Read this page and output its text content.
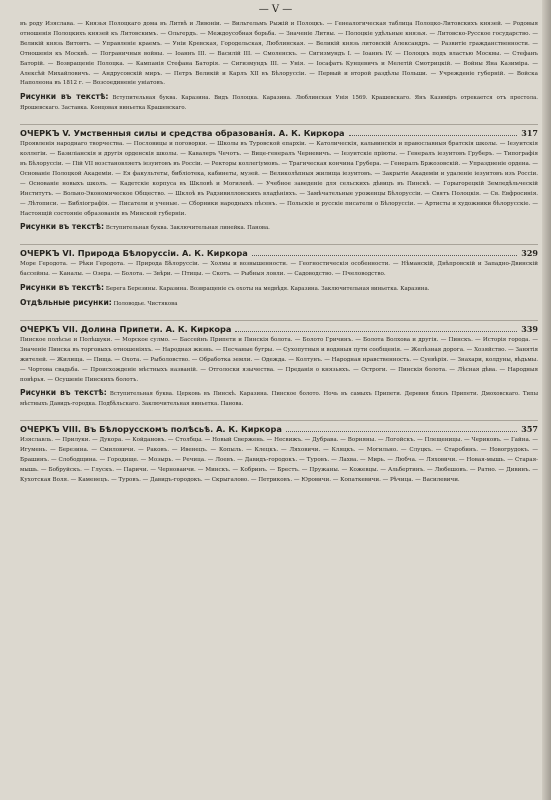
— V —

въ роду Изяслава. — Князья Полоцкаго дома въ Литвѣ и Ливоніи. — Вильгельмъ Рыжій и Полоцкъ. — Генеалогическая таблица Полоцко-Литовскихъ князей. — Родовыя отношенія Полоцкихъ князей къ Литовскимъ. — Ольгердъ. — Междоусобная борьба. — Значеніе Литвы. — Полоцкіе удѣльные князья. — Литовско-Русское государство. — Великій князь Витовтъ. — Управленіе краемъ. — Уніи Кревская, Городельская, Люблинская. — Великій князь литовскій Александръ. — Развитіе гражданственности. — Отношенія къ Москвѣ. — Пограничныя войны. — Іоаннъ III. — Василій III. — Смоленскъ. — Сигизмундъ I. — Іоаннъ IV. — Полоцкъ подъ властью Москвы. — Стефанъ Баторій. — Возвращеніе Полоцка. — Кампанія Стефана Баторія. — Сигизмундъ III. — Унія. — Іосафатъ Кунцевичъ и Мелетій Смотрицкій. — Войны Яна Казиміра. — Алексѣй Михайловичъ. — Андрусовскій миръ. — Петръ Великій и Карлъ XII въ Бѣлоруссіи. — Первый и второй раздѣлы Польши. — Учрежденіе губерній. — Войска Наполеона въ 1812 г. — Возсоединеніе уніатовъ.

Рисунки въ текстѣ: Вступительная буква. Каразина. Видъ Полоцка. Каразина. Люблинская Унія 1569. Крашевскаго. Янъ Казиміръ отрекается отъ престола. Ярошевскаго. Заставка. Концовая виньетка Крашевскаго.

ОЧЕРКЪ V. Умственныя силы и средства образованія. А. К. Киркора	317

Проявленія народнаго творчества. — Пословицы и поговорки. — Школы въ Туровской епархіи. — Католическія, кальвинскія и православныя братскія школы. — Іезуитскія коллегіи. — Базиліанскія и другія орденскія школы. — Кавалеръ Чечотъ. — Вице-генералъ Черневичъ. — Іезуитскіе пріюты. — Генералъ іезуитовъ Груберъ. — Типографія въ Бѣлоруссіи. — Пій VII возстановляетъ іезуитовъ въ Россіи. — Ректоры коллегіумовъ. — Трагическая кончина Грубера. — Генералъ Бржозовскій. — Упраздненіе ордена. — Основаніе Полоцкой Академіи. — Ея факультеты, библіотека, кабинеты, музей. — Великолѣпныя жилища іезуитовъ. — Закрытіе Академіи и удаленіе іезуитовъ изъ Россіи. — Основаніе новыхъ школъ. — Кадетскіе корпуса въ Шкловѣ и Могилевѣ. — Учебное заведеніе для сельскихъ дѣвицъ въ Пинскѣ. — Горыгорецкій Земледѣльческій Институтъ. — Вольно-Экономическое Общество. — Шклоѣ въ Радзивилловскихъ владѣніяхъ. — Замѣчательные уроженцы Бѣлоруссіи. — Святъ Полоцкія. — Св. Евфросинія. — Лѣтописи. — Библіографія. — Писатели и ученые. — Сборники народныхъ пѣсенъ. — Польскіе и русскіе писатели о Бѣлоруссіи. — Артисты и художники бѣлорусскіе. — Настоящій состояніе образованія въ Минской губерніи.

Рисунки въ текстѣ: Вступительная буква. Заключительная линейка. Панова.

ОЧЕРКЪ VI. Природа Бѣлоруссіи. А. К. Киркора	329

Море Геродота. — Рѣки Геродота. — Природа Бѣлоруссіи. — Холмы и возвышенности. — Геогностическія особенности. — Нѣманскій, Днѣпровскій и Западно-Двинскій бассейны. — Каналы. — Озера. — Болота. — Звѣри. — Птицы. — Скотъ. — Рыбныя ловли. — Садоводство. — Пчеловодство.

Рисунки въ текстѣ: Берега Березины. Каразина. Возвращеніе съ охоты на медвѣдя. Каразина. Заключительная виньетка. Каразина.

Отдѣльные рисунки: Половодье. Чистякова

ОЧЕРКЪ VII. Долина Припети. А. К. Киркора	339

Пинское полѣсье и Полѣшуки. — Морское сулмо. — Бассейнъ Припети и Пинскія болота. — Болото Гричинъ. — Болота Волхова и другія. — Пинскъ. — Исторія города. — Значеніе Пинска въ торговыхъ отношеніяхъ. — Народная жизнь. — Песчаные бугры. — Сухопутныя и водяныя пути сообщенія. — Желѣзная дорога. — Хозяйство. — Занятія жителей. — Жилища. — Пища. — Охота. — Рыболовство. — Обработка земли. — Одежда. — Колтунъ. — Народная нравственность. — Суевѣрія. — Знахари, колдуны, вѣдьмы. — Чортова свадьба. — Происхожденіе мѣстныхъ названій. — Отголоски язычества. — Преданія о князьяхъ. — Остроги. — Пинскія болота. — Лѣсная дѣва. — Народныя повѣрья. — Осушеніе Пинскихъ болотъ.

Рисунки въ текстѣ: Вступительная буква. Церковь въ Пинскѣ. Каразина. Пинское болото. Ночь въ самыхъ Припети. Деревня близъ Припети. Дмоховскаго. Типы мѣстныхъ Давидъ-городка. Подбѣльскаго. Заключительная виньетка. Панова.

ОЧЕРКЪ VIII. Въ Бѣлорусскомъ полѣсьѣ. А. К. Киркора	357

Изяславль. — Прилуки. — Дукора. — Койдановъ. — Столбцы. — Новый Свержень. — Несвижъ. — Дубрава. — Ворняны. — Логойскъ. — Плещеницы. — Чериковъ. — Гайна. — Игумень. — Березина. — Смиловичи. — Раковъ. — Ивенецъ. — Копыль. — Клецкъ. — Ляховичи. — Кляцкъ. — Могильно. — Слуцкъ. — Старобинъ. — Новогрудокъ. — Брашинъ. — Слободщина. — Городище. — Мозырь. — Речица. — Лоевъ. — Давидъ-городокъ. — Туровъ. — Лахва. — Мирь. — Любча. — Ляховичи. — Новая-мышь. — Старая-мышь. — Бобруйскъ. — Глускъ. — Паричи. — Черноваичи. — Минскъ. — Кобринъ. — Брестъ. — Пружаны. — Кожевцы. — Альбертинъ. — Любешовъ. — Ратно. — Дивинъ. — Кухотская Воля. — Каменецъ. — Туровъ. — Давидъ-городокъ. — Скрыгалово. — Петриковъ. — Юровичи. — Копаткевичи. — Рѣчица. — Василевичи.
